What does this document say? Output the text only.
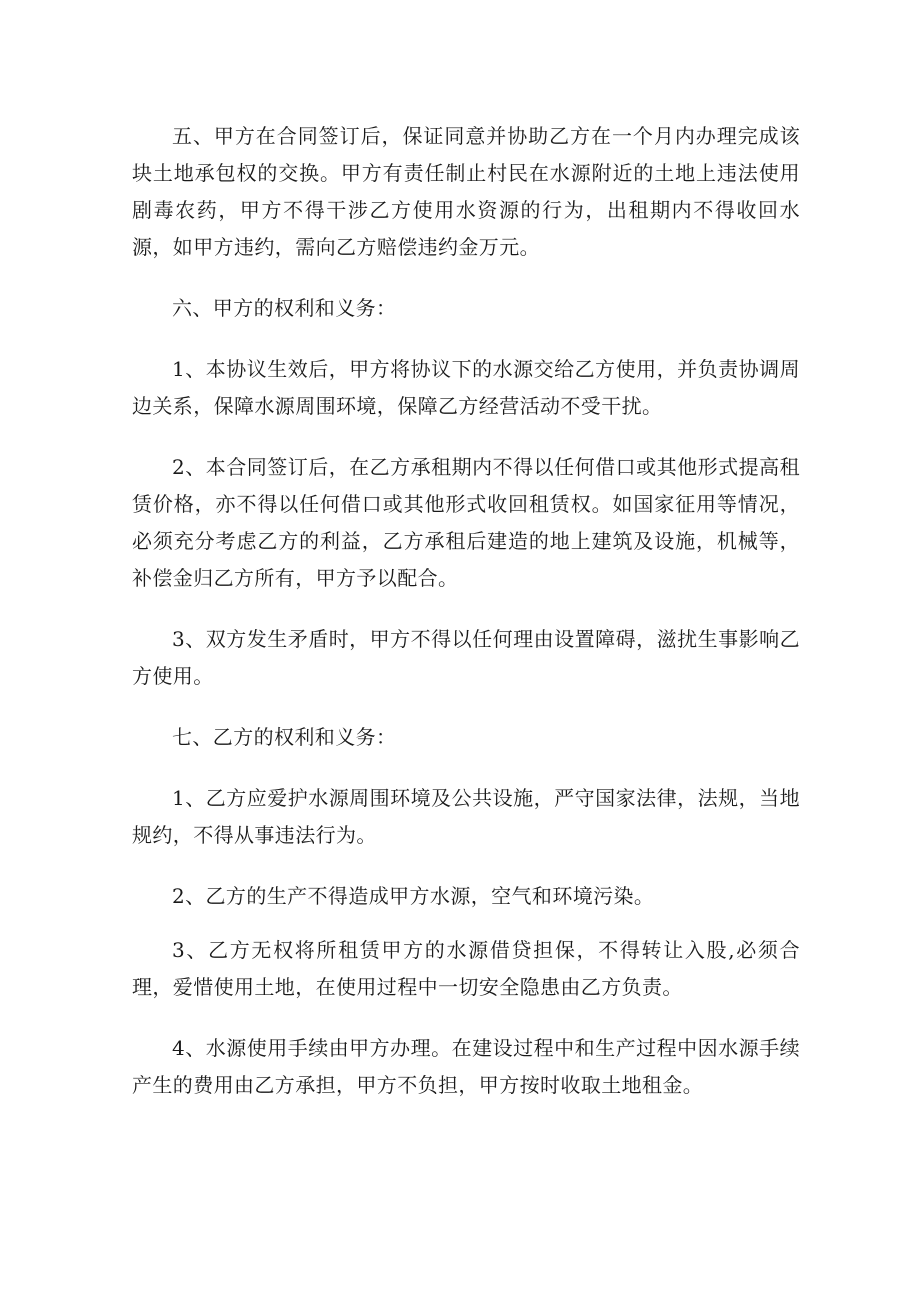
五、甲方在合同签订后，保证同意并协助乙方在一个月内办理完成该块土地承包权的交换。甲方有责任制止村民在水源附近的土地上违法使用剧毒农药，甲方不得干涉乙方使用水资源的行为，出租期内不得收回水源，如甲方违约，需向乙方赔偿违约金万元。

六、甲方的权利和义务：

1、本协议生效后，甲方将协议下的水源交给乙方使用，并负责协调周边关系，保障水源周围环境，保障乙方经营活动不受干扰。

2、本合同签订后，在乙方承租期内不得以任何借口或其他形式提高租赁价格，亦不得以任何借口或其他形式收回租赁权。如国家征用等情况，必须充分考虑乙方的利益，乙方承租后建造的地上建筑及设施，机械等，补偿金归乙方所有，甲方予以配合。

3、双方发生矛盾时，甲方不得以任何理由设置障碍，滋扰生事影响乙方使用。

七、乙方的权利和义务：

1、乙方应爱护水源周围环境及公共设施，严守国家法律，法规，当地规约，不得从事违法行为。

2、乙方的生产不得造成甲方水源，空气和环境污染。

3、乙方无权将所租赁甲方的水源借贷担保，不得转让入股,必须合理，爱惜使用土地，在使用过程中一切安全隐患由乙方负责。

4、水源使用手续由甲方办理。在建设过程中和生产过程中因水源手续产生的费用由乙方承担，甲方不负担，甲方按时收取土地租金。
